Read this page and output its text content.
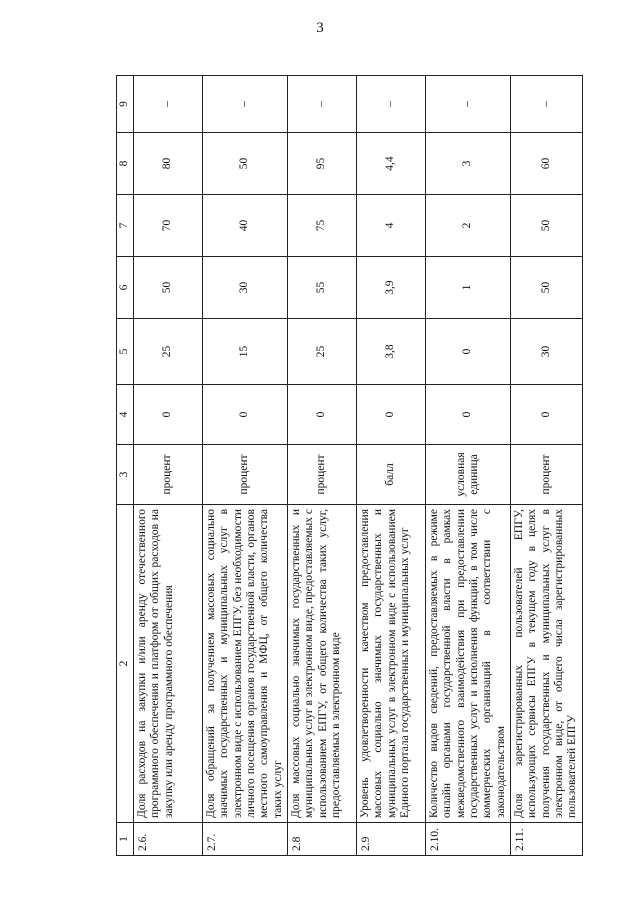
3
1	2	3	4	5	6	7	8	9
2.6.	Доля расходов на закупки и/или аренду отечественного программного обеспечения и платформ от общих расходов на закупку или аренду программного обеспечения	процент	0	25	50	70	80	–
2.7.	Доля обращений за получением массовых социально значимых государственных и муниципальных услуг в электронном виде с использованием ЕПГУ, без необходимости личного посещения органов государственной власти, органов местного самоуправления и МФЦ, от общего количества таких услуг	процент	0	15	30	40	50	–
2.8	Доля массовых социально значимых государственных и муниципальных услуг в электронном виде, предоставляемых с использованием ЕПГУ, от общего количества таких услуг, предоставляемых в электронном виде	процент	0	25	55	75	95	–
2.9	Уровень удовлетворенности качеством предоставления массовых социально значимых государственных и муниципальных услуг в электронном виде с использованием Единого портала государственных и муниципальных услуг	балл	0	3,8	3,9	4	4,4	–
2.10.	Количество видов сведений, предоставляемых в режиме онлайн органами государственной власти в рамках межведомственного взаимодействия при предоставлении государственных услуг и исполнения функций, в том числе коммерческих организаций в соответствии с законодательством	условная единица	0	0	1	2	3	–
2.11.	Доля зарегистрированных пользователей ЕПГУ, использующих сервисы ЕПГУ в текущем году в целях получения государственных и муниципальных услуг в электронном виде, от общего числа зарегистрированных пользователей ЕПГУ	процент	0	30	50	50	60	–
